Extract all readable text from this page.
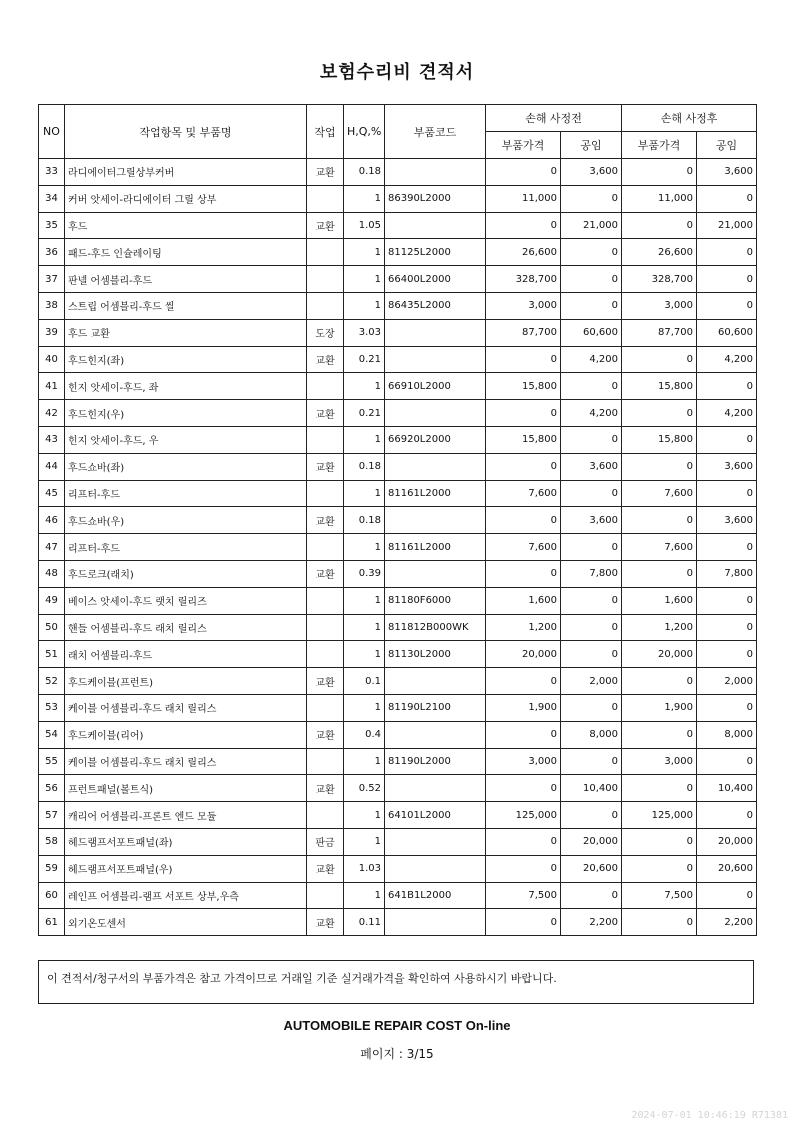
보험수리비 견적서
NO	작업항목 및 부품명	작업	H,Q,%	부품코드	손해 사정전		손해 사정후	
					부품가격	공임	부품가격	공임
33	라디에이터그릴상부커버	교환	0.18		0	3,600	0	3,600
34	커버 앗세이-라디에이터 그릴 상부		1	86390L2000	11,000	0	11,000	0
35	후드	교환	1.05		0	21,000	0	21,000
36	패드-후드 인슐레이팅		1	81125L2000	26,600	0	26,600	0
37	판넬 어셈블리-후드		1	66400L2000	328,700	0	328,700	0
38	스트립 어셈블리-후드 씰		1	86435L2000	3,000	0	3,000	0
39	후드 교환	도장	3.03		87,700	60,600	87,700	60,600
40	후드힌지(좌)	교환	0.21		0	4,200	0	4,200
41	힌지 앗세이-후드, 좌		1	66910L2000	15,800	0	15,800	0
42	후드힌지(우)	교환	0.21		0	4,200	0	4,200
43	힌지 앗세이-후드, 우		1	66920L2000	15,800	0	15,800	0
44	후드쇼바(좌)	교환	0.18		0	3,600	0	3,600
45	리프터-후드		1	81161L2000	7,600	0	7,600	0
46	후드쇼바(우)	교환	0.18		0	3,600	0	3,600
47	리프터-후드		1	81161L2000	7,600	0	7,600	0
48	후드로크(래치)	교환	0.39		0	7,800	0	7,800
49	베이스 앗세이-후드 랫치 릴리즈		1	81180F6000	1,600	0	1,600	0
50	핸들 어셈블리-후드 래치 릴리스		1	811812B000WK	1,200	0	1,200	0
51	래치 어셈블리-후드		1	81130L2000	20,000	0	20,000	0
52	후드케이블(프런트)	교환	0.1		0	2,000	0	2,000
53	케이블 어셈블리-후드 래치 릴리스		1	81190L2100	1,900	0	1,900	0
54	후드케이블(리어)	교환	0.4		0	8,000	0	8,000
55	케이블 어셈블리-후드 래치 릴리스		1	81190L2000	3,000	0	3,000	0
56	프런트패널(볼트식)	교환	0.52		0	10,400	0	10,400
57	캐리어 어셈블리-프론트 엔드 모듈		1	64101L2000	125,000	0	125,000	0
58	헤드램프서포트패널(좌)	판금	1		0	20,000	0	20,000
59	헤드램프서포트패널(우)	교환	1.03		0	20,600	0	20,600
60	레인프 어셈블리-램프 서포트 상부,우측		1	641B1L2000	7,500	0	7,500	0
61	외기온도센서	교환	0.11		0	2,200	0	2,200
이 견적서/청구서의 부품가격은 참고 가격이므로 거래일 기준 실거래가격을 확인하여 사용하시기 바랍니다.
AUTOMOBILE REPAIR COST On-line
페이지 : 3/15
2024-07-01 10:46:19 R71381
